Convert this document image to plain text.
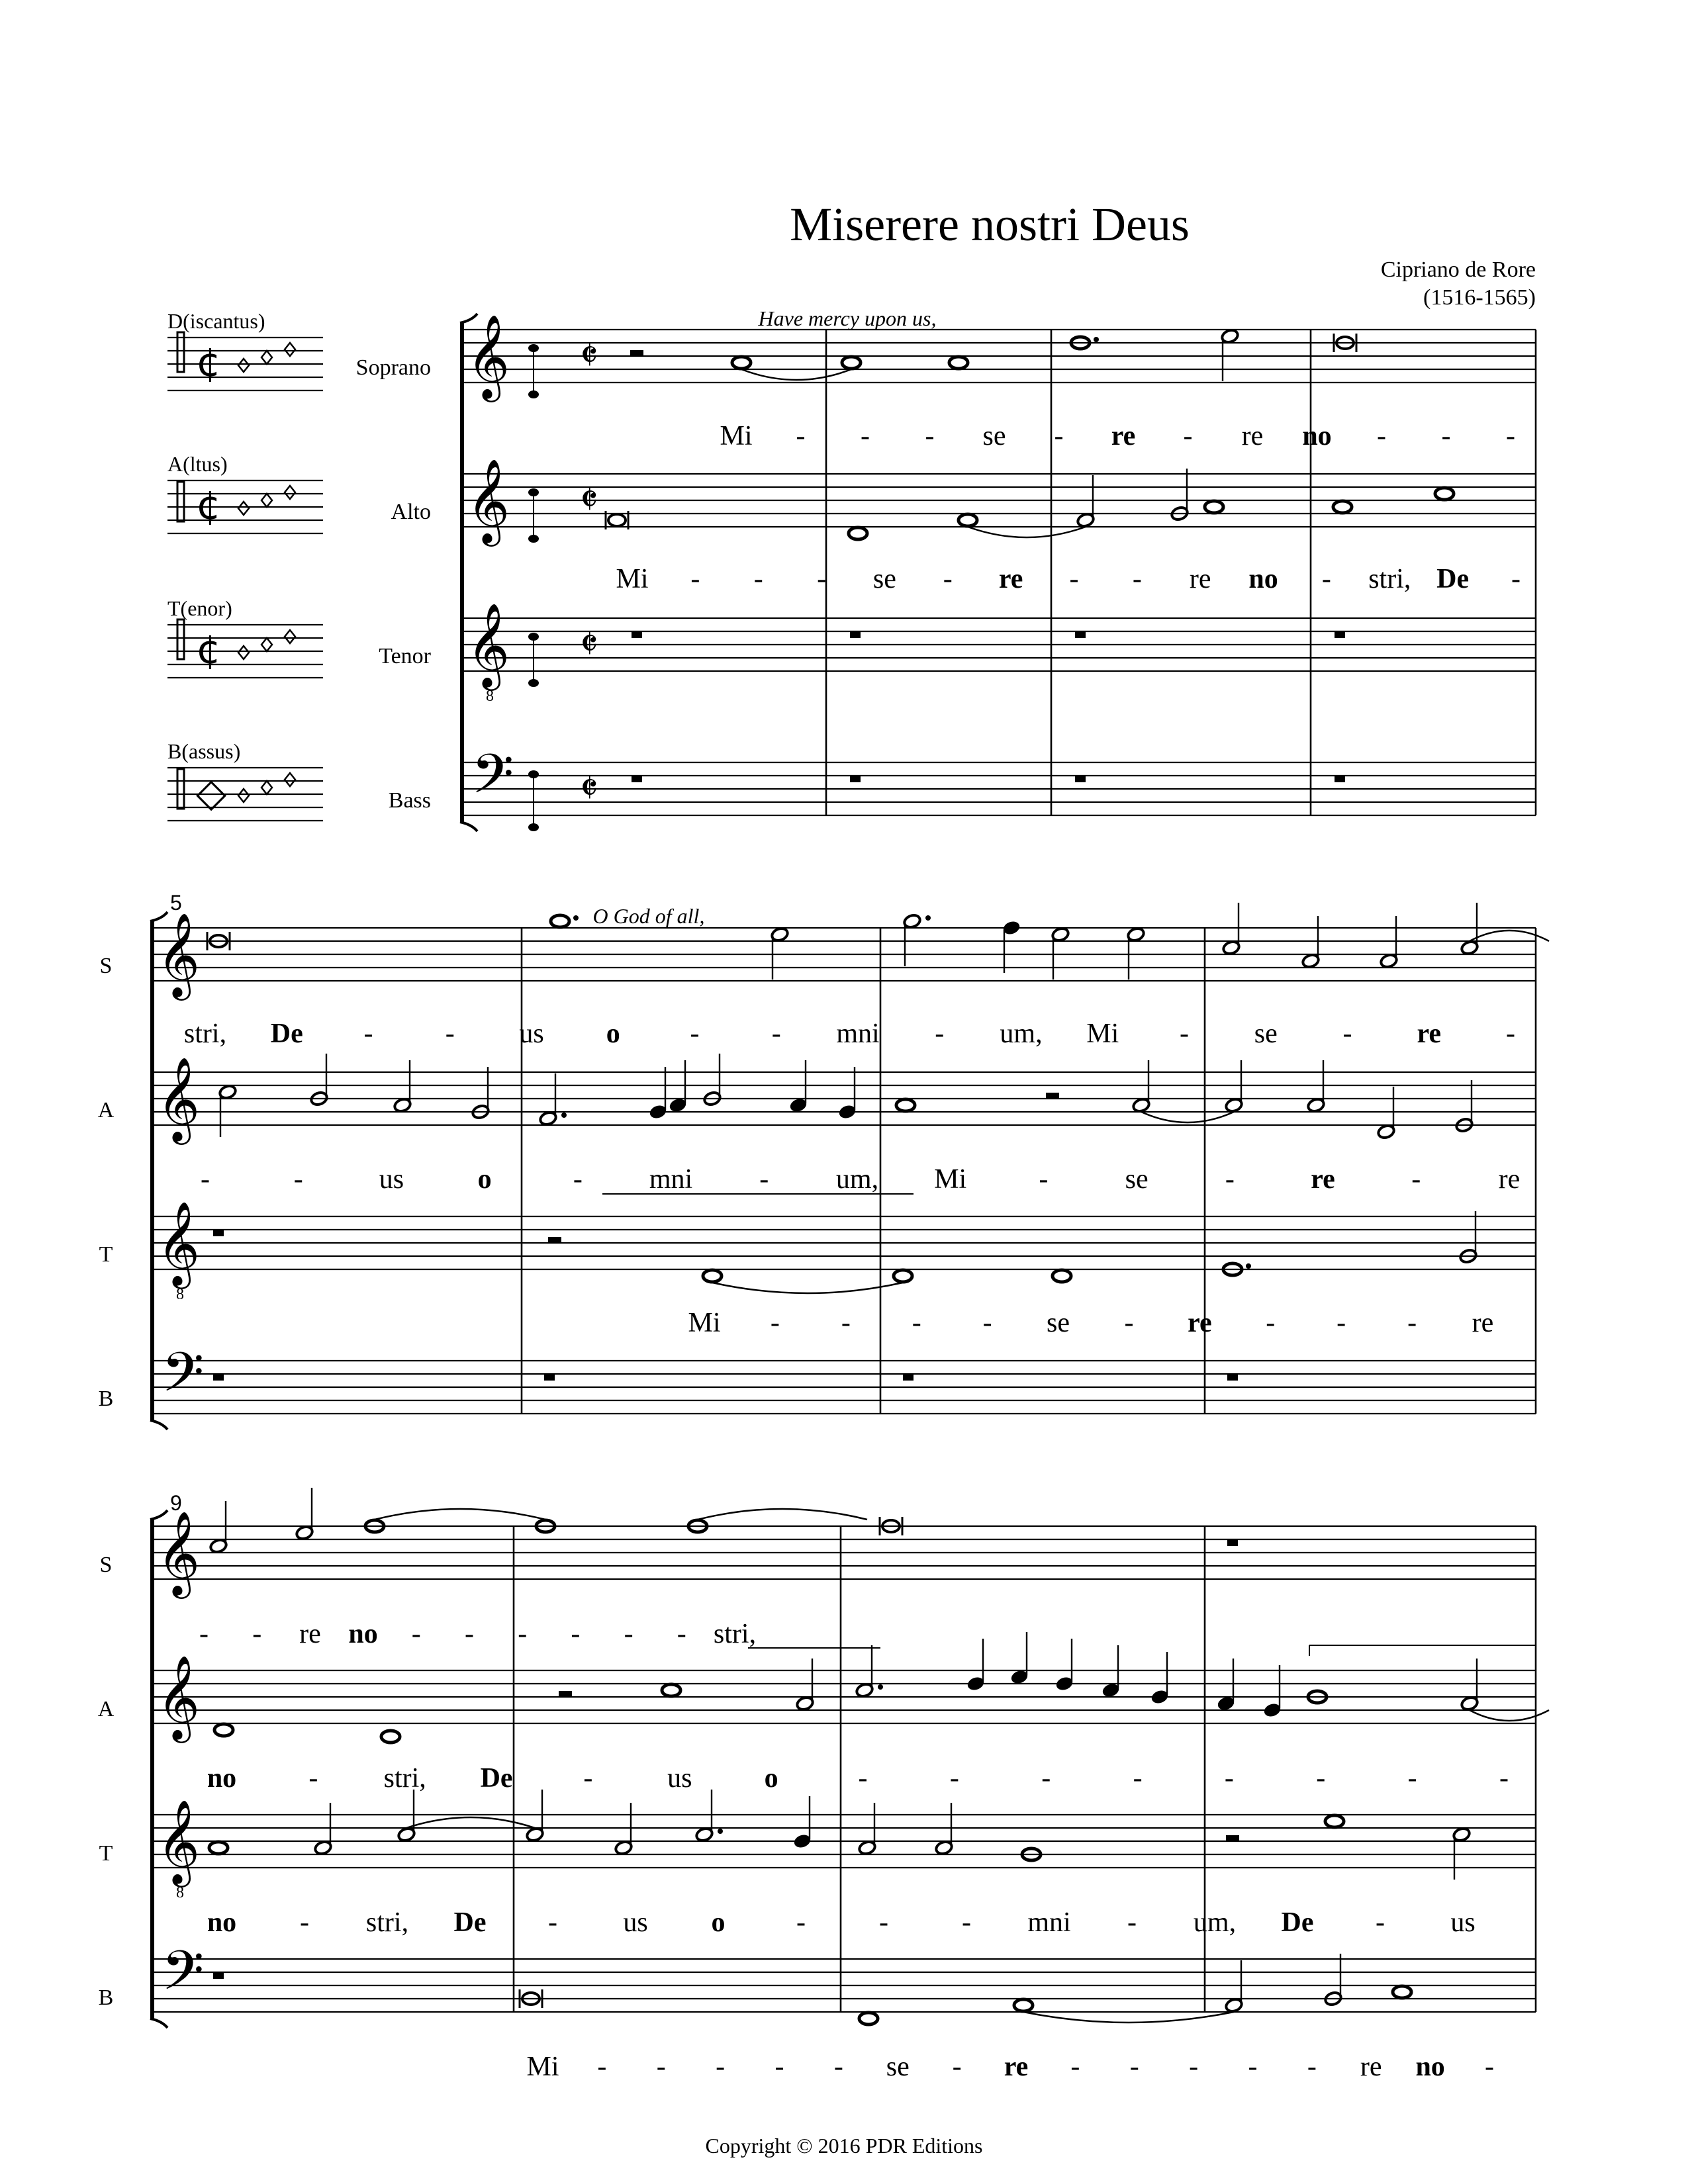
Miserere nostri Deus
Cipriano de Rore
(1516-1565)
D(iscantus)
A(ltus)
T(enor)
B(assus)
Soprano
Alto
Tenor
Bass
S
A
T
B
S
A
T
B
5
9
Have mercy upon us,
O God of all,
Copyright © 2016 PDR Editions
¢
¢
¢
◇
𝄞
𝄞
𝄞
8
𝄢
𝄵
𝄵
𝄵
𝄵
𝄞
𝄞
𝄞
8
𝄢
𝄞
𝄞
𝄞
8
𝄢
Mi - - - se - re - re no - - -
Mi - - - se - re - - re no - stri, De -
stri, De -	- us o	-	- mni - um, Mi - se - re -
-	-	us	o	- mni - um, Mi	-	se	-	re	-	re
Mi - - - - se - re - - - re
- - re no - - - - - - stri,
no	- stri, De	-	us	o	-	-	-	-	-	-	-	-
no - stri, De - us o	-	-	- mni - um, De - us
Mi - - - - - se - re - - - - - re no -
